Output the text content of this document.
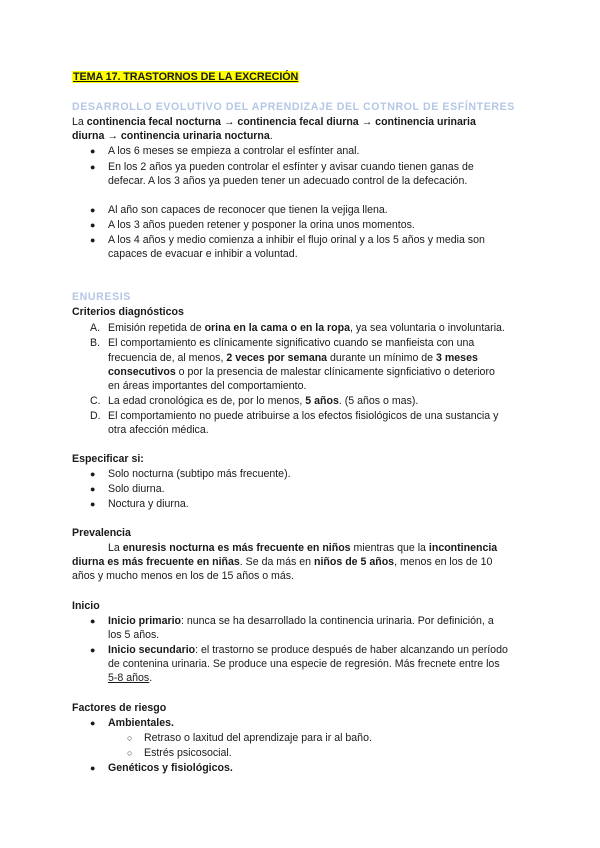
TEMA 17. TRASTORNOS DE LA EXCRECIÓN
DESARROLLO EVOLUTIVO DEL APRENDIZAJE DEL COTNROL DE ESFÍNTERES
La continencia fecal nocturna → continencia fecal diurna → continencia urinaria
diurna → continencia urinaria nocturna.
● A los 6 meses se empieza a controlar el esfínter anal.
● En los 2 años ya pueden controlar el esfínter y avisar cuando tienen ganas de
defecar. A los 3 años ya pueden tener un adecuado control de la defecación.
● Al año son capaces de reconocer que tienen la vejiga llena.
● A los 3 años pueden retener y posponer la orina unos momentos.
● A los 4 años y medio comienza a inhibir el flujo orinal y a los 5 años y media son
capaces de evacuar e inhibir a voluntad.
ENURESIS
Criterios diagnósticos
A. Emisión repetida de orina en la cama o en la ropa, ya sea voluntaria o involuntaria.
B. El comportamiento es clínicamente significativo cuando se manfieista con una
frecuencia de, al menos, 2 veces por semana durante un mínimo de 3 meses
consecutivos o por la presencia de malestar clínicamente signficiativo o deterioro
en áreas importantes del comportamiento.
C. La edad cronológica es de, por lo menos, 5 años. (5 años o mas).
D. El comportamiento no puede atribuirse a los efectos fisiológicos de una sustancia y
otra afección médica.
Especificar si:
● Solo nocturna (subtipo más frecuente).
● Solo diurna.
● Noctura y diurna.
Prevalencia
La enuresis nocturna es más frecuente en niños mientras que la incontinencia
diurna es más frecuente en niñas. Se da más en niños de 5 años, menos en los de 10
años y mucho menos en los de 15 años o más.
Inicio
● Inicio primario: nunca se ha desarrollado la continencia urinaria. Por definición, a
los 5 años.
● Inicio secundario: el trastorno se produce después de haber alcanzando un período
de contenina urinaria. Se produce una especie de regresión. Más frecnete entre los
5-8 años.
Factores de riesgo
● Ambientales.
○ Retraso o laxitud del aprendizaje para ir al baño.
○ Estrés psicosocial.
● Genéticos y fisiológicos.
